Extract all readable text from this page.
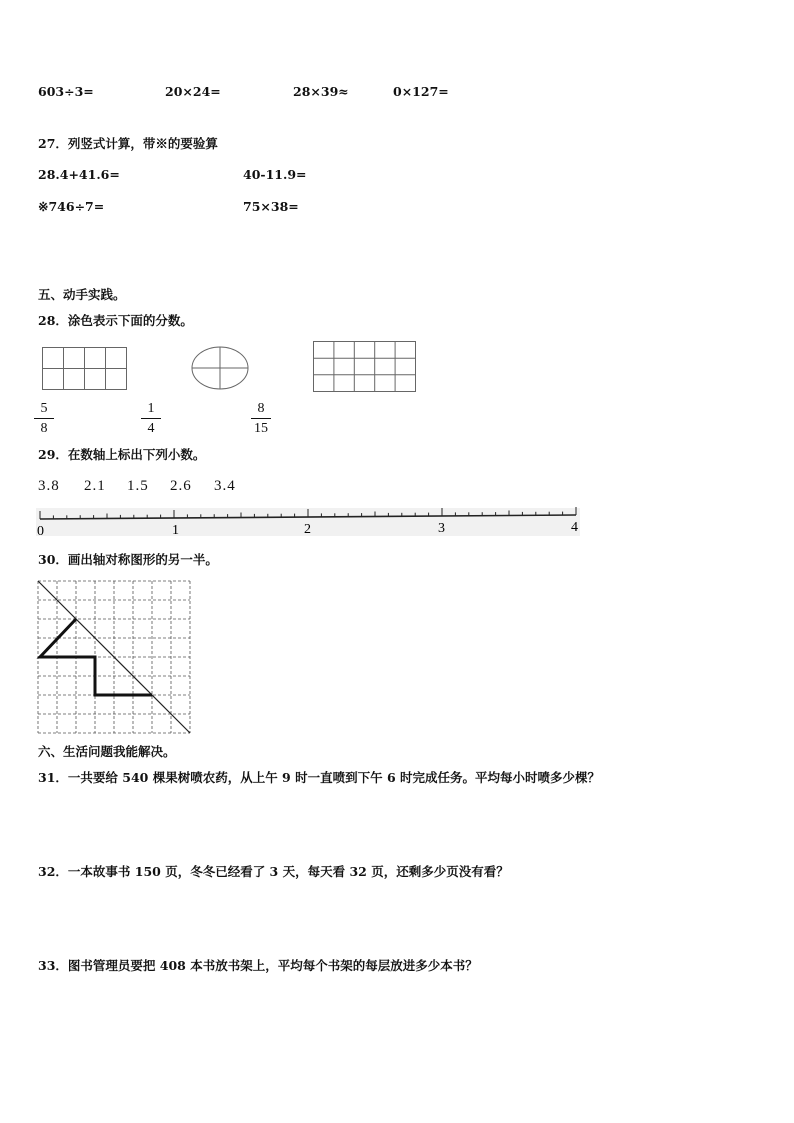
603÷3=	20×24=	28×39≈	0×127=
27．列竖式计算，带※的要验算
28.4+41.6=	40-11.9=
※746÷7=	75×38=
五、动手实践。
28．涂色表示下面的分数。
5
8
1
4
8
15
29．在数轴上标出下列小数。
3.8 2.1 1.5 2.6 3.4
0	1	2	3	4
30．画出轴对称图形的另一半。
六、生活问题我能解决。
31．一共要给 540 棵果树喷农药，从上午 9 时一直喷到下午 6 时完成任务。平均每小时喷多少棵？
32．一本故事书 150 页，冬冬已经看了 3 天，每天看 32 页，还剩多少页没有看？
33．图书管理员要把 408 本书放书架上，平均每个书架的每层放进多少本书？
